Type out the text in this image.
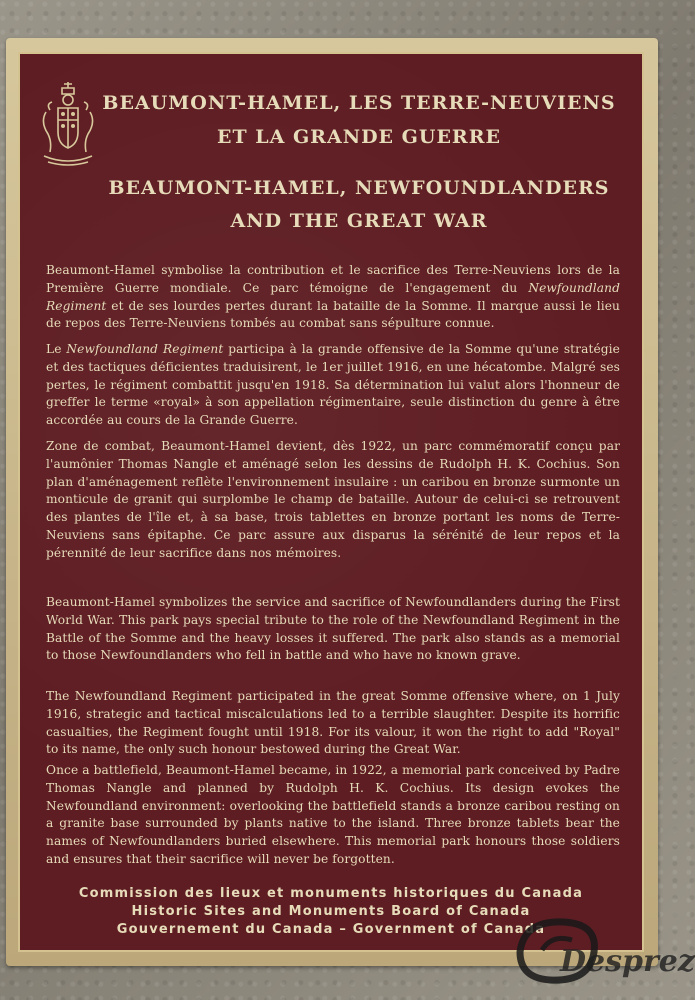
BEAUMONT-HAMEL, LES TERRE-NEUVIENS
ET LA GRANDE GUERRE
BEAUMONT-HAMEL, NEWFOUNDLANDERS
AND THE GREAT WAR
Beaumont-Hamel symbolise la contribution et le sacrifice des Terre-Neuviens lors de la Première Guerre mondiale. Ce parc témoigne de l'engagement du Newfoundland Regiment et de ses lourdes pertes durant la bataille de la Somme. Il marque aussi le lieu de repos des Terre-Neuviens tombés au combat sans sépulture connue.
Le Newfoundland Regiment participa à la grande offensive de la Somme qu'une stratégie et des tactiques déficientes traduisirent, le 1er juillet 1916, en une hécatombe. Malgré ses pertes, le régiment combattit jusqu'en 1918. Sa détermination lui valut alors l'honneur de greffer le terme «royal» à son appellation régimentaire, seule distinction du genre à être accordée au cours de la Grande Guerre.
Zone de combat, Beaumont-Hamel devient, dès 1922, un parc commémoratif conçu par l'aumônier Thomas Nangle et aménagé selon les dessins de Rudolph H. K. Cochius. Son plan d'aménagement reflète l'environnement insulaire : un caribou en bronze surmonte un monticule de granit qui surplombe le champ de bataille. Autour de celui-ci se retrouvent des plantes de l'île et, à sa base, trois tablettes en bronze portant les noms de Terre-Neuviens sans épitaphe. Ce parc assure aux disparus la sérénité de leur repos et la pérennité de leur sacrifice dans nos mémoires.
Beaumont-Hamel symbolizes the service and sacrifice of Newfoundlanders during the First World War. This park pays special tribute to the role of the Newfoundland Regiment in the Battle of the Somme and the heavy losses it suffered. The park also stands as a memorial to those Newfoundlanders who fell in battle and who have no known grave.
The Newfoundland Regiment participated in the great Somme offensive where, on 1 July 1916, strategic and tactical miscalculations led to a terrible slaughter. Despite its horrific casualties, the Regiment fought until 1918. For its valour, it won the right to add "Royal" to its name, the only such honour bestowed during the Great War.
Once a battlefield, Beaumont-Hamel became, in 1922, a memorial park conceived by Padre Thomas Nangle and planned by Rudolph H. K. Cochius. Its design evokes the Newfoundland environment: overlooking the battlefield stands a bronze caribou resting on a granite base surrounded by plants native to the island. Three bronze tablets bear the names of Newfoundlanders buried elsewhere. This memorial park honours those soldiers and ensures that their sacrifice will never be forgotten.
Commission des lieux et monuments historiques du Canada
Historic Sites and Monuments Board of Canada
Gouvernement du Canada – Government of Canada
Desprez
